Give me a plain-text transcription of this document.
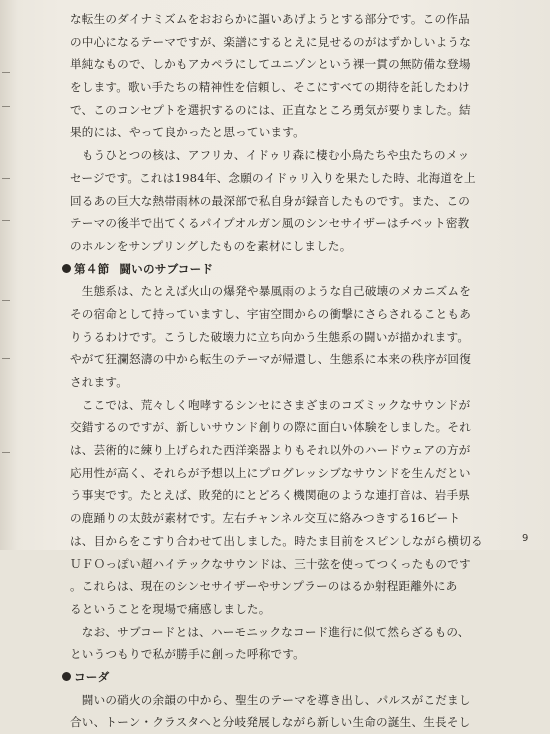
な転生のダイナミズムをおおらかに謳いあげようとする部分です。この作品
の中心になるテーマですが、楽譜にするとえに見せるのがはずかしいような
単純なもので、しかもアカペラにしてユニゾンという裸一貫の無防備な登場
をします。歌い手たちの精神性を信頼し、そこにすべての期待を託したわけ
で、このコンセプトを選択するのには、正直なところ勇気が要りました。結
果的には、やって良かったと思っています。
　もうひとつの核は、アフリカ、イドゥリ森に棲む小鳥たちや虫たちのメッ
セージです。これは1984年、念願のイドゥリ入りを果たした時、北海道を上
回るあの巨大な熱帯雨林の最深部で私自身が録音したものです。また、この
テーマの後半で出てくるパイプオルガン風のシンセサイザーはチベット密教
のホルンをサンプリングしたものを素材にしました。
第４節 闘いのサブコード
　生態系は、たとえば火山の爆発や暴風雨のような自己破壊のメカニズムを
その宿命として持っていますし、宇宙空間からの衝撃にさらされることもあ
りうるわけです。こうした破壊力に立ち向かう生態系の闘いが描かれます。
やがて狂瀾怒濤の中から転生のテーマが帰還し、生態系に本来の秩序が回復
されます。
　ここでは、荒々しく咆哮するシンセにさまざまのコズミックなサウンドが
交錯するのですが、新しいサウンド創りの際に面白い体験をしました。それ
は、芸術的に練り上げられた西洋楽器よりもそれ以外のハードウェアの方が
応用性が高く、それらが予想以上にプログレッシブなサウンドを生んだとい
う事実です。たとえば、敗発的にとどろく機関砲のような連打音は、岩手県
の鹿踊りの太鼓が素材です。左右チャンネル交互に絡みつきする16ビート
は、目からをこすり合わせて出しました。時たま目前をスピンしながら横切る
ＵＦＯっぽい超ハイテックなサウンドは、三十弦を使ってつくったものです
。これらは、現在のシンセサイザーやサンプラーのはるか射程距離外にあ
るということを現場で痛感しました。
　なお、サブコードとは、ハーモニックなコード進行に似て然らざるもの、
というつもりで私が勝手に創った呼称です。
コーダ
　闘いの硝火の余韻の中から、聖生のテーマを導き出し、パルスがこだまし
合い、トーン・クラスタへと分岐発展しながら新しい生命の誕生、生長そし
9
